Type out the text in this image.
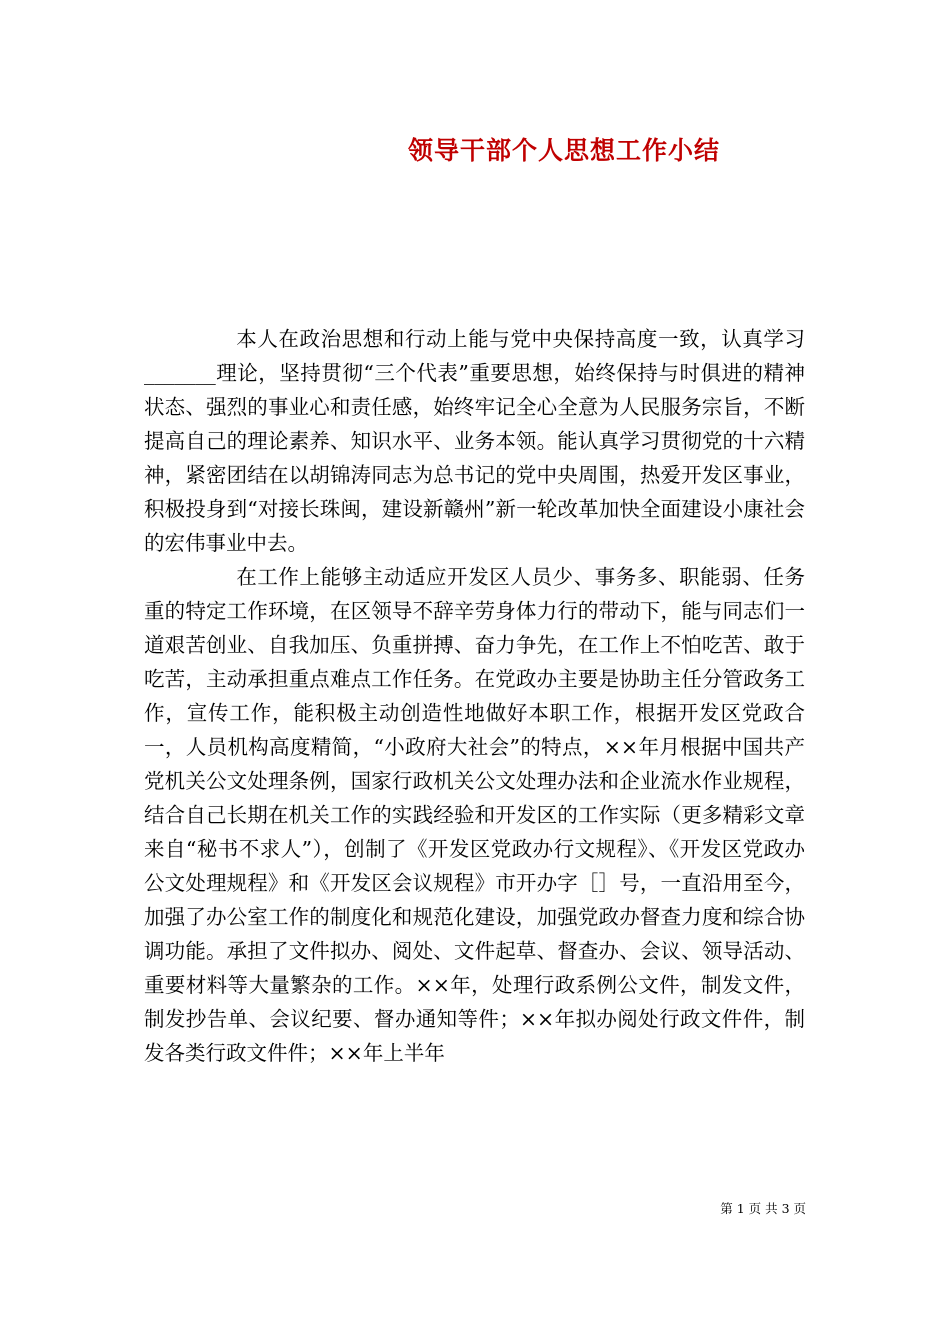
领导干部个人思想工作小结

本人在政治思想和行动上能与党中央保持高度一致，认真学习_______理论，坚持贯彻“三个代表”重要思想，始终保持与时俱进的精神状态、强烈的事业心和责任感，始终牢记全心全意为人民服务宗旨，不断提高自己的理论素养、知识水平、业务本领。能认真学习贯彻党的十六精神，紧密团结在以胡锦涛同志为总书记的党中央周围，热爱开发区事业，积极投身到“对接长珠闽，建设新赣州”新一轮改革加快全面建设小康社会的宏伟事业中去。

在工作上能够主动适应开发区人员少、事务多、职能弱、任务重的特定工作环境，在区领导不辞辛劳身体力行的带动下，能与同志们一道艰苦创业、自我加压、负重拼搏、奋力争先，在工作上不怕吃苦、敢于吃苦，主动承担重点难点工作任务。在党政办主要是协助主任分管政务工作，宣传工作，能积极主动创造性地做好本职工作，根据开发区党政合一，人员机构高度精简，“小政府大社会”的特点，××年月根据中国共产党机关公文处理条例，国家行政机关公文处理办法和企业流水作业规程，结合自己长期在机关工作的实践经验和开发区的工作实际（更多精彩文章来自“秘书不求人”），创制了《开发区党政办行文规程》、《开发区党政办公文处理规程》和《开发区会议规程》市开办字［］号，一直沿用至今，加强了办公室工作的制度化和规范化建设，加强党政办督查力度和综合协调功能。承担了文件拟办、阅处、文件起草、督查办、会议、领导活动、重要材料等大量繁杂的工作。××年，处理行政系例公文件，制发文件，制发抄告单、会议纪要、督办通知等件；××年拟办阅处行政文件件，制发各类行政文件件；××年上半年

第 1 页 共 3 页
